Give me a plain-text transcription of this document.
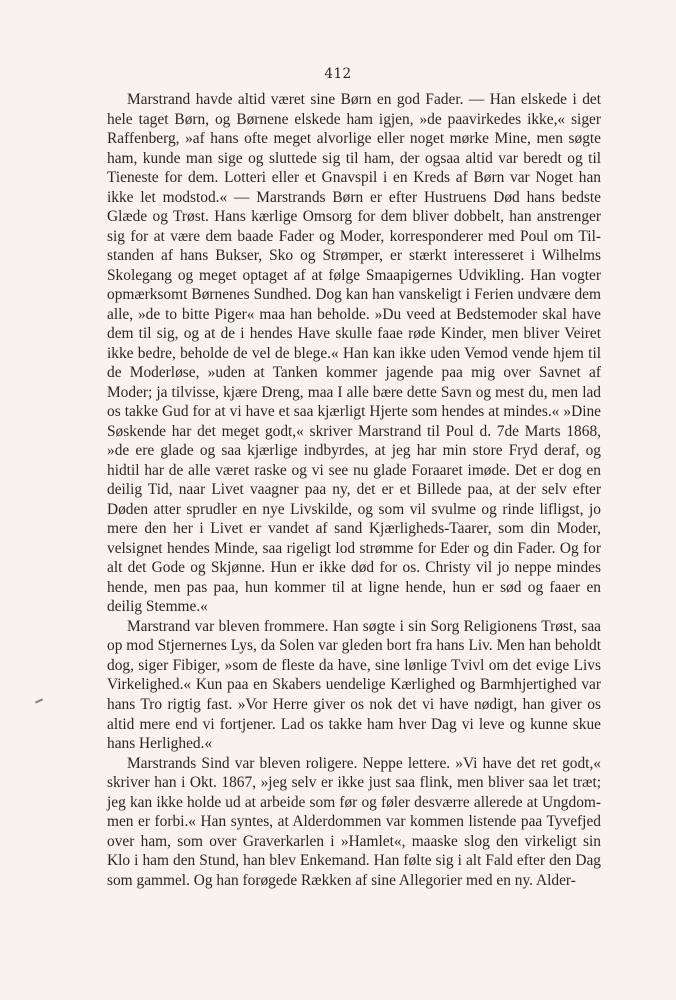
412

Marstrand havde altid været sine Børn en god Fader. — Han elskede i det hele taget Børn, og Børnene elskede ham igjen, »de paavirkedes ikke,« siger Raffenberg, »af hans ofte meget alvorlige eller noget mørke Mine, men søgte ham, kunde man sige og sluttede sig til ham, der ogsaa altid var beredt og til Tieneste for dem. Lotteri eller et Gnavspil i en Kreds af Børn var Noget han ikke let modstod.« — Marstrands Børn er efter Hustruens Død hans bedste Glæde og Trøst. Hans kærlige Omsorg for dem bliver dobbelt, han anstrenger sig for at være dem baade Fader og Moder, korresponderer med Poul om Tilstanden af hans Bukser, Sko og Strømper, er stærkt interesseret i Wilhelms Skolegang og meget optaget af at følge Smaapigernes Udvikling. Han vogter opmærksomt Børnenes Sundhed. Dog kan han vanskeligt i Ferien undvære dem alle, »de to bitte Piger« maa han beholde. »Du veed at Bedstemoder skal have dem til sig, og at de i hendes Have skulle faae røde Kinder, men bliver Veiret ikke bedre, beholde de vel de blege.« Han kan ikke uden Vemod vende hjem til de Moderløse, »uden at Tanken kommer jagende paa mig over Savnet af Moder; ja tilvisse, kjære Dreng, maa I alle bære dette Savn og mest du, men lad os takke Gud for at vi have et saa kjærligt Hjerte som hendes at mindes.« »Dine Søskende har det meget godt,« skriver Marstrand til Poul d. 7de Marts 1868, »de ere glade og saa kjærlige indbyrdes, at jeg har min store Fryd deraf, og hidtil har de alle været raske og vi see nu glade Foraaret imøde. Det er dog en deilig Tid, naar Livet vaagner paa ny, det er et Billede paa, at der selv efter Døden atter sprudler en nye Livskilde, og som vil svulme og rinde lifligst, jo mere den her i Livet er vandet af sand Kjærligheds-Taarer, som din Moder, velsignet hendes Minde, saa rigeligt lod strømme for Eder og din Fader. Og for alt det Gode og Skjønne. Hun er ikke død for os. Christy vil jo neppe mindes hende, men pas paa, hun kommer til at ligne hende, hun er sød og faaer en deilig Stemme.«

Marstrand var bleven frommere. Han søgte i sin Sorg Religionens Trøst, saa op mod Stjernernes Lys, da Solen var gleden bort fra hans Liv. Men han beholdt dog, siger Fibiger, »som de fleste da have, sine lønlige Tvivl om det evige Livs Virkelighed.« Kun paa en Skabers uendelige Kærlighed og Barmhjertighed var hans Tro rigtig fast. »Vor Herre giver os nok det vi have nødigt, han giver os altid mere end vi fortjener. Lad os takke ham hver Dag vi leve og kunne skue hans Herlighed.«

Marstrands Sind var bleven roligere. Neppe lettere. »Vi have det ret godt,« skriver han i Okt. 1867, »jeg selv er ikke just saa flink, men bliver saa let træt; jeg kan ikke holde ud at arbeide som før og føler desværre allerede at Ungdommen er forbi.« Han syntes, at Alderdommen var kommen listende paa Tyvefjed over ham, som over Graverkarlen i »Hamlet«, maaske slog den virkeligt sin Klo i ham den Stund, han blev Enkemand. Han følte sig i alt Fald efter den Dag som gammel. Og han forøgede Rækken af sine Allegorier med en ny. Alder-
